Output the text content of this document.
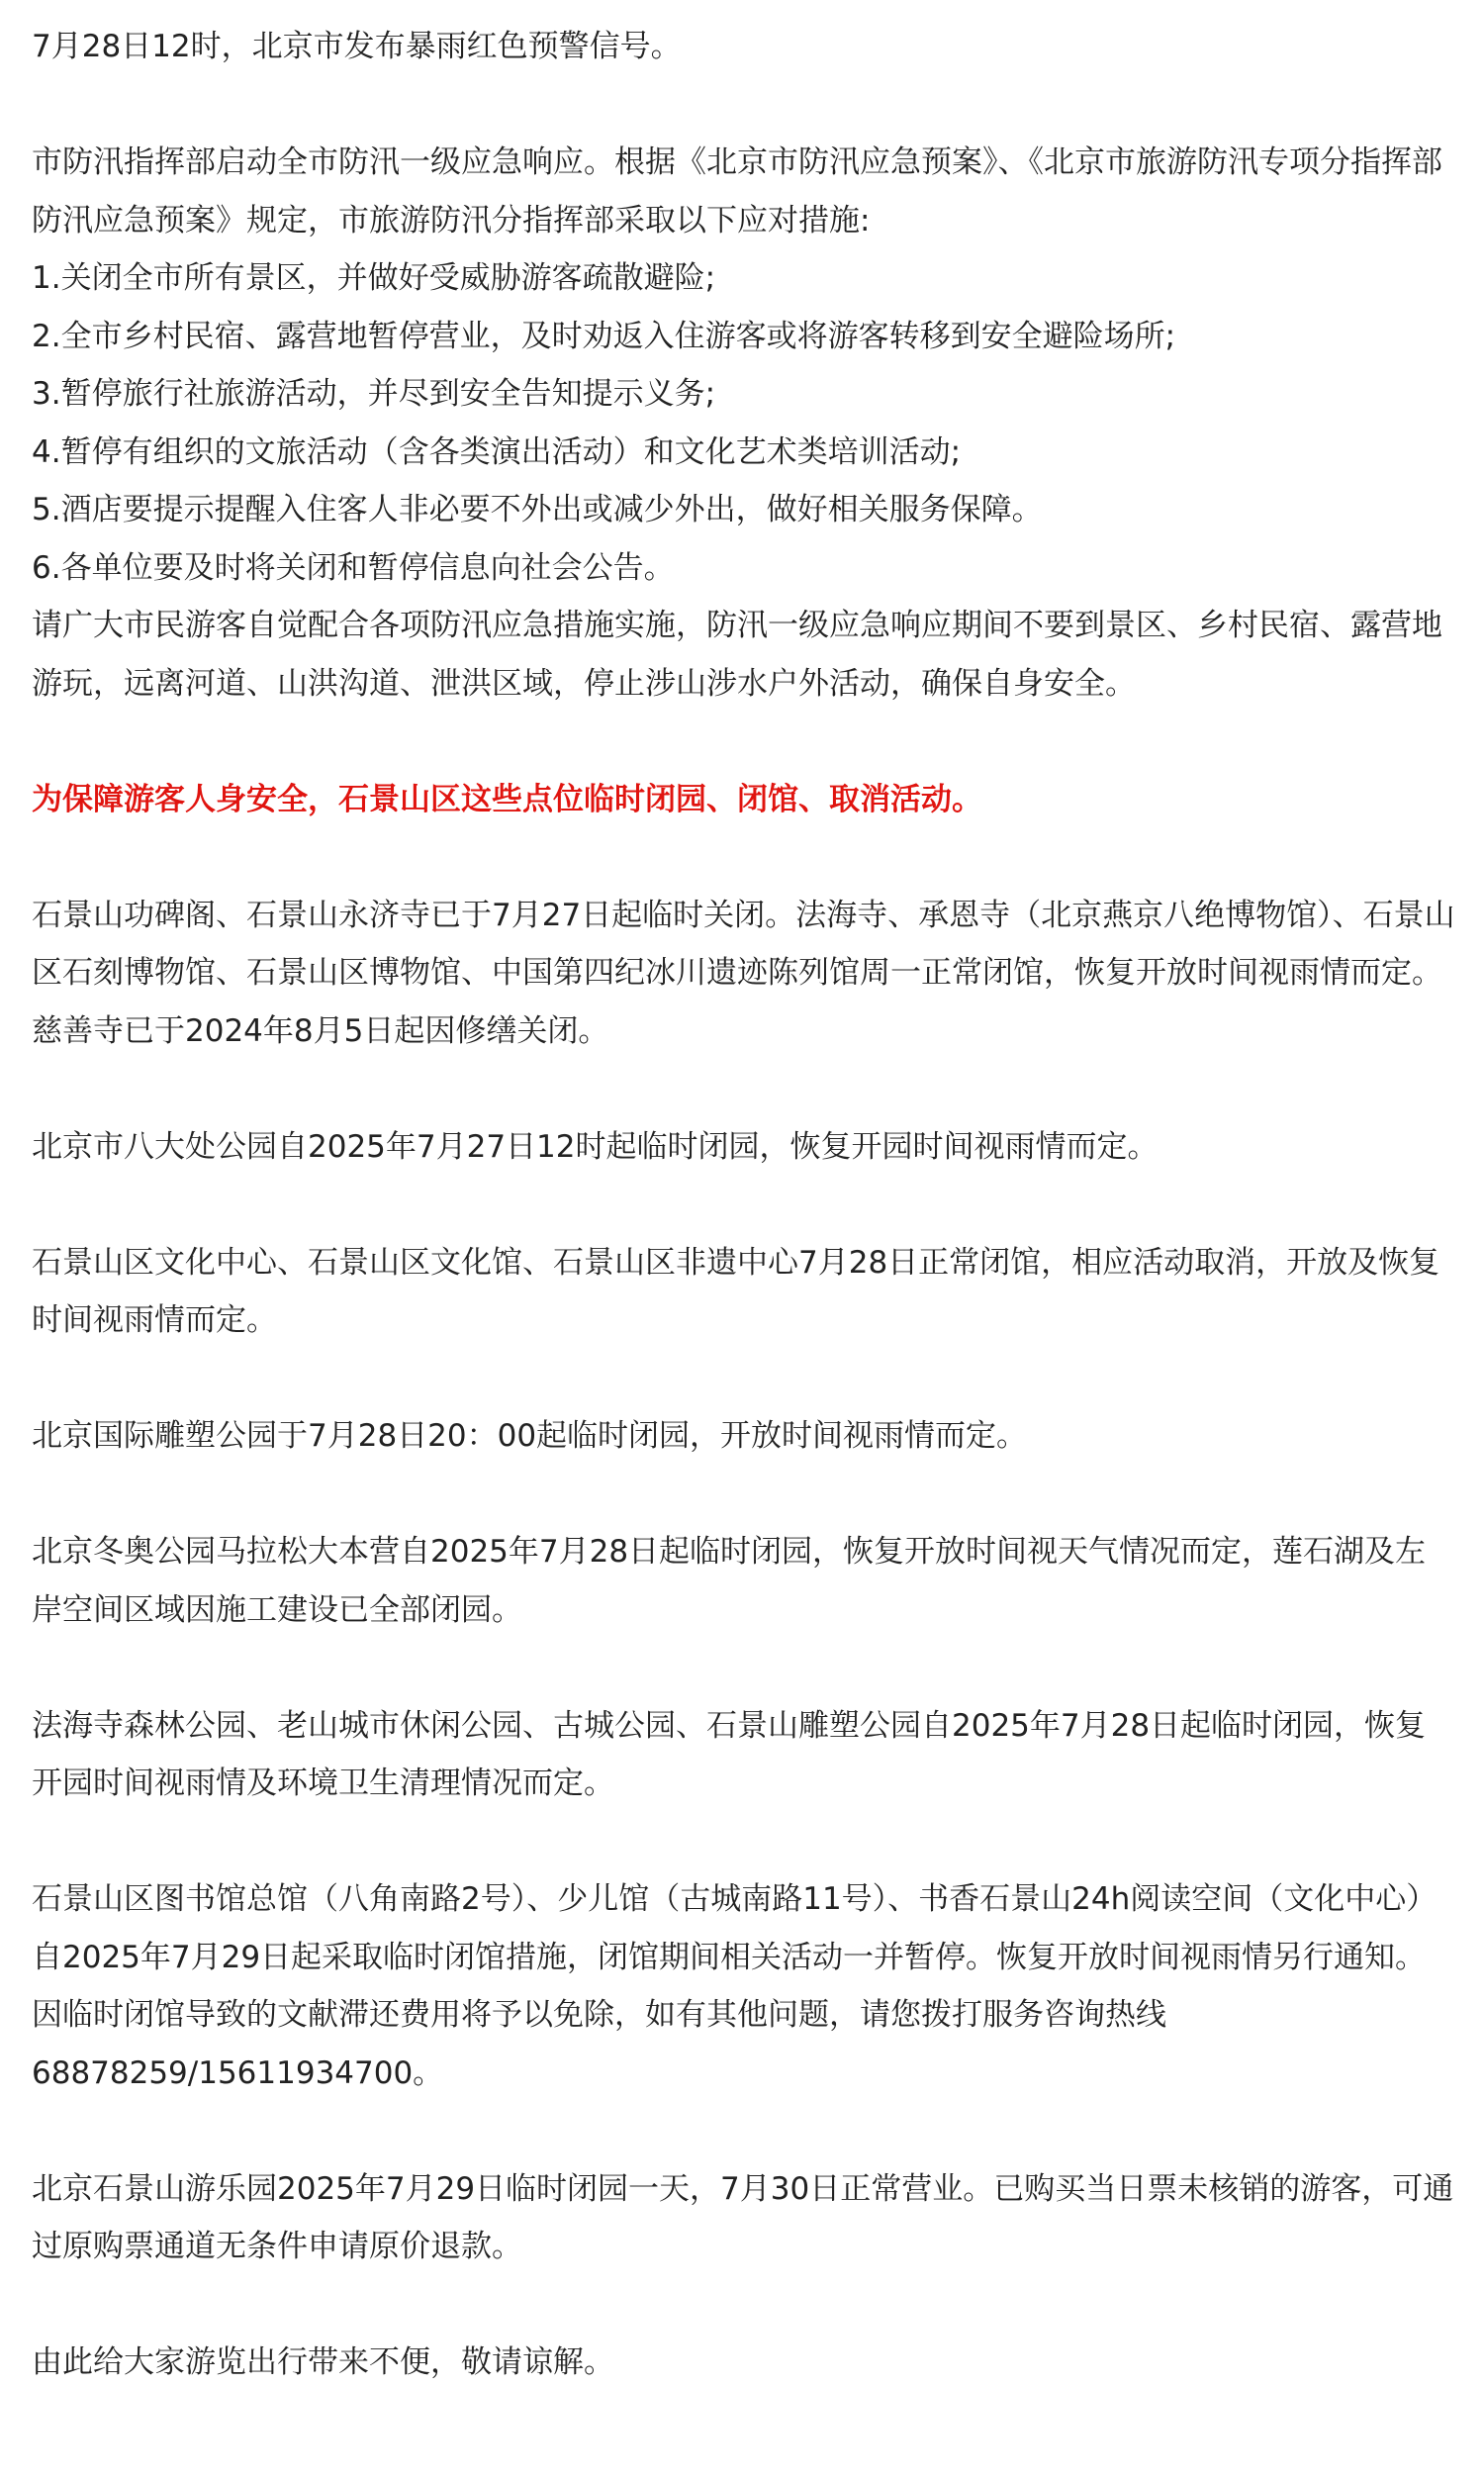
7月28日12时，北京市发布暴雨红色预警信号。

市防汛指挥部启动全市防汛一级应急响应。根据《北京市防汛应急预案》、《北京市旅游防汛专项分指挥部防汛应急预案》规定，市旅游防汛分指挥部采取以下应对措施:

1.关闭全市所有景区，并做好受威胁游客疏散避险;

2.全市乡村民宿、露营地暂停营业，及时劝返入住游客或将游客转移到安全避险场所;

3.暂停旅行社旅游活动，并尽到安全告知提示义务;

4.暂停有组织的文旅活动（含各类演出活动）和文化艺术类培训活动;

5.酒店要提示提醒入住客人非必要不外出或减少外出，做好相关服务保障。

6.各单位要及时将关闭和暂停信息向社会公告。

请广大市民游客自觉配合各项防汛应急措施实施，防汛一级应急响应期间不要到景区、乡村民宿、露营地游玩，远离河道、山洪沟道、泄洪区域，停止涉山涉水户外活动，确保自身安全。

为保障游客人身安全，石景山区这些点位临时闭园、闭馆、取消活动。

石景山功碑阁、石景山永济寺已于7月27日起临时关闭。法海寺、承恩寺（北京燕京八绝博物馆）、石景山区石刻博物馆、石景山区博物馆、中国第四纪冰川遗迹陈列馆周一正常闭馆，恢复开放时间视雨情而定。慈善寺已于2024年8月5日起因修缮关闭。

北京市八大处公园自2025年7月27日12时起临时闭园，恢复开园时间视雨情而定。

石景山区文化中心、石景山区文化馆、石景山区非遗中心7月28日正常闭馆，相应活动取消，开放及恢复时间视雨情而定。

北京国际雕塑公园于7月28日20：00起临时闭园，开放时间视雨情而定。

北京冬奥公园马拉松大本营自2025年7月28日起临时闭园，恢复开放时间视天气情况而定，莲石湖及左岸空间区域因施工建设已全部闭园。

法海寺森林公园、老山城市休闲公园、古城公园、石景山雕塑公园自2025年7月28日起临时闭园，恢复开园时间视雨情及环境卫生清理情况而定。

石景山区图书馆总馆（八角南路2号）、少儿馆（古城南路11号）、书香石景山24h阅读空间（文化中心）自2025年7月29日起采取临时闭馆措施，闭馆期间相关活动一并暂停。恢复开放时间视雨情另行通知。因临时闭馆导致的文献滞还费用将予以免除，如有其他问题，请您拨打服务咨询热线68878259/15611934700。

北京石景山游乐园2025年7月29日临时闭园一天，7月30日正常营业。已购买当日票未核销的游客，可通过原购票通道无条件申请原价退款。

由此给大家游览出行带来不便，敬请谅解。
